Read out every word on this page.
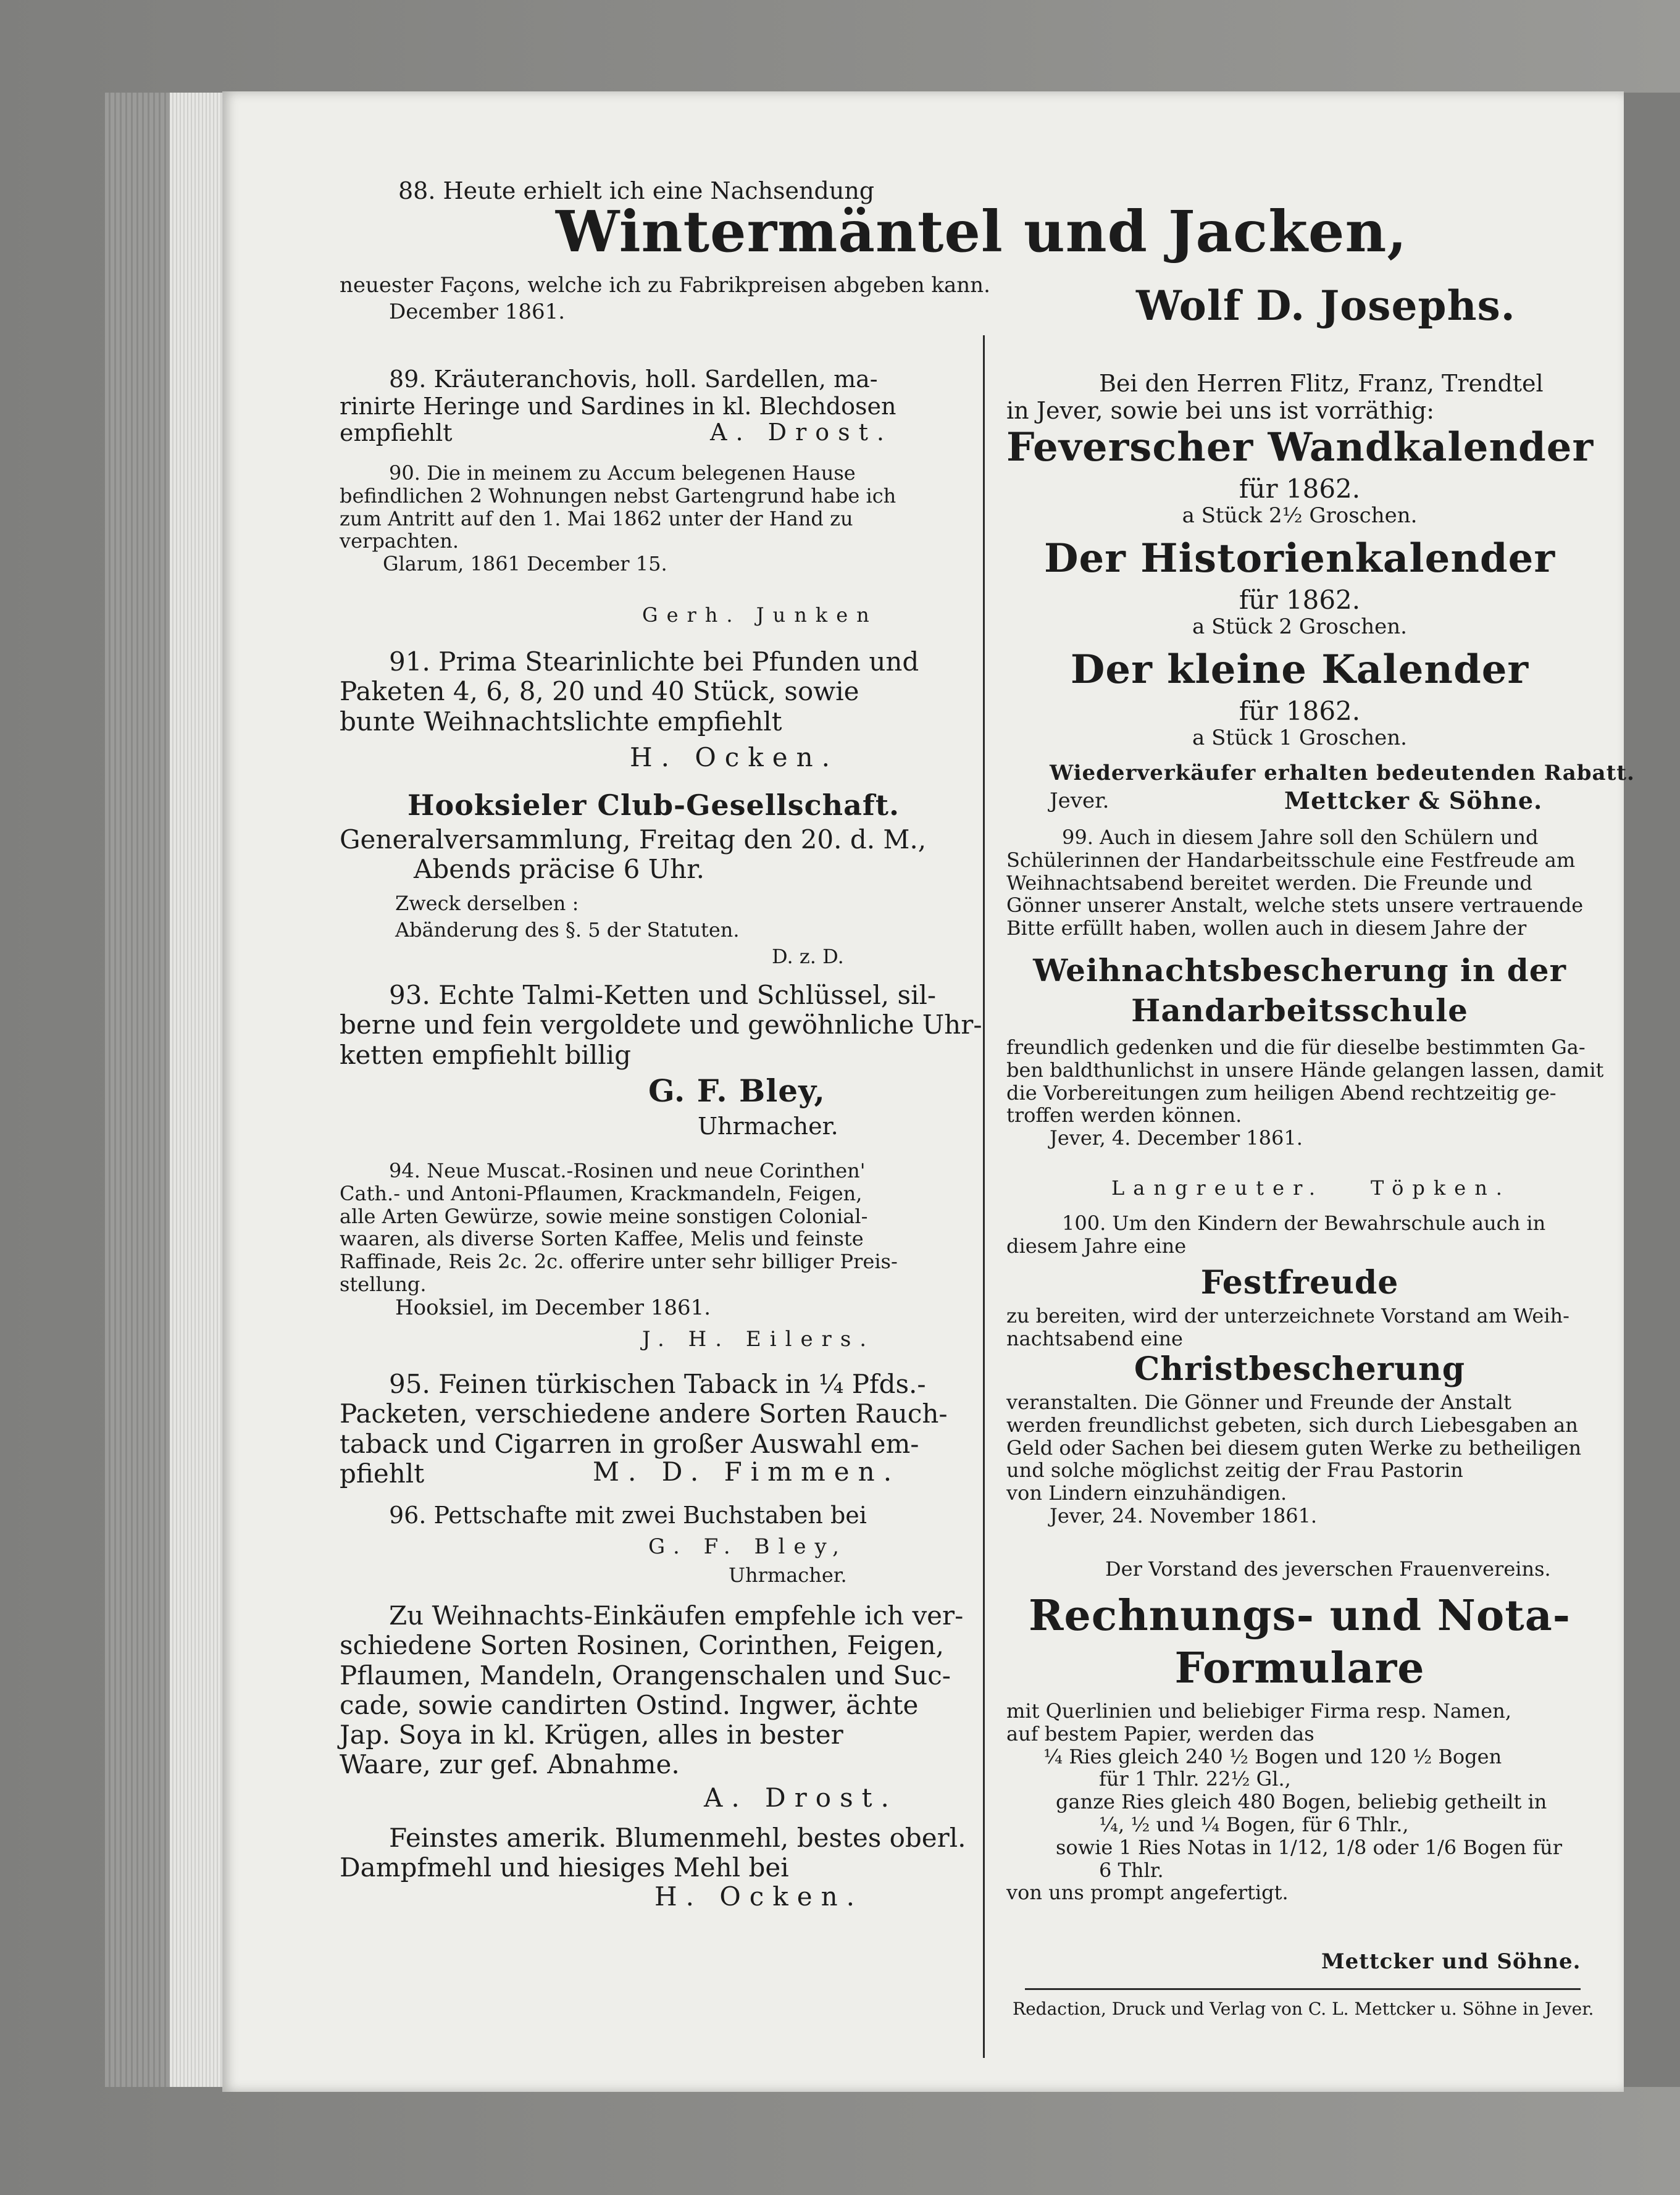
88. Heute erhielt ich eine Nachsendung
Wintermäntel und Jacken,
neuester Façons, welche ich zu Fabrikpreisen abgeben kann.
December 1861.	Wolf D. Josephs.
89. Kräuteranchovis, holl. Sardellen, ma-
rinirte Heringe und Sardines in kl. Blechdosen
empfiehlt	A. Drost.
90. Die in meinem zu Accum belegenen Hause
befindlichen 2 Wohnungen nebst Gartengrund habe ich
zum Antritt auf den 1. Mai 1862 unter der Hand zu
verpachten.
Glarum, 1861 December 15.
Gerh. Junken
91. Prima Stearinlichte bei Pfunden und
Paketen 4, 6, 8, 20 und 40 Stück, sowie
bunte Weihnachtslichte empfiehlt
H. Ocken.
Hooksieler Club-Gesellschaft.
Generalversammlung, Freitag den 20. d. M.,
Abends präcise 6 Uhr.
Zweck derselben :
Abänderung des §. 5 der Statuten.
D. z. D.
93. Echte Talmi-Ketten und Schlüssel, sil-
berne und fein vergoldete und gewöhnliche Uhr-
ketten empfiehlt billig
G. F. Bley,
Uhrmacher.
94. Neue Muscat.-Rosinen und neue Corinthen'
Cath.- und Antoni-Pflaumen, Krackmandeln, Feigen,
alle Arten Gewürze, sowie meine sonstigen Colonial-
waaren, als diverse Sorten Kaffee, Melis und feinste
Raffinade, Reis 2c. 2c. offerire unter sehr billiger Preis-
stellung.
Hooksiel, im December 1861.
J. H. Eilers.
95. Feinen türkischen Taback in ¼ Pfds.-
Packeten, verschiedene andere Sorten Rauch-
taback und Cigarren in großer Auswahl em-
pfiehlt	M. D. Fimmen.
96. Pettschafte mit zwei Buchstaben bei
G. F. Bley,
Uhrmacher.
Zu Weihnachts-Einkäufen empfehle ich ver-
schiedene Sorten Rosinen, Corinthen, Feigen,
Pflaumen, Mandeln, Orangenschalen und Suc-
cade, sowie candirten Ostind. Ingwer, ächte
Jap. Soya in kl. Krügen, alles in bester
Waare, zur gef. Abnahme.
A. Drost.
Feinstes amerik. Blumenmehl, bestes oberl.
Dampfmehl und hiesiges Mehl bei
H. Ocken.
Bei den Herren Flitz, Franz, Trendtel
in Jever, sowie bei uns ist vorräthig:
Feverscher Wandkalender
für 1862.
a Stück 2½ Groschen.
Der Historienkalender
für 1862.
a Stück 2 Groschen.
Der kleine Kalender
für 1862.
a Stück 1 Groschen.
Wiederverkäufer erhalten bedeutenden Rabatt.
Jever.	Mettcker & Söhne.
99. Auch in diesem Jahre soll den Schülern und
Schülerinnen der Handarbeitsschule eine Festfreude am
Weihnachtsabend bereitet werden. Die Freunde und
Gönner unserer Anstalt, welche stets unsere vertrauende
Bitte erfüllt haben, wollen auch in diesem Jahre der
Weihnachtsbescherung in der
Handarbeitsschule
freundlich gedenken und die für dieselbe bestimmten Ga-
ben baldthunlichst in unsere Hände gelangen lassen, damit
die Vorbereitungen zum heiligen Abend rechtzeitig ge-
troffen werden können.
Jever, 4. December 1861.
Langreuter. Töpken.
100. Um den Kindern der Bewahrschule auch in
diesem Jahre eine
Festfreude
zu bereiten, wird der unterzeichnete Vorstand am Weih-
nachtsabend eine
Christbescherung
veranstalten. Die Gönner und Freunde der Anstalt
werden freundlichst gebeten, sich durch Liebesgaben an
Geld oder Sachen bei diesem guten Werke zu betheiligen
und solche möglichst zeitig der Frau Pastorin
von Lindern einzuhändigen.
Jever, 24. November 1861.
Der Vorstand des jeverschen Frauenvereins.
Rechnungs- und Nota-
Formulare
mit Querlinien und beliebiger Firma resp. Namen,
auf bestem Papier, werden das
¼ Ries gleich 240 ½ Bogen und 120 ½ Bogen
für 1 Thlr. 22½ Gl.,
ganze Ries gleich 480 Bogen, beliebig getheilt in
¼, ½ und ¼ Bogen, für 6 Thlr.,
sowie 1 Ries Notas in 1/12, 1/8 oder 1/6 Bogen für
6 Thlr.
von uns prompt angefertigt.
Mettcker und Söhne.
Redaction, Druck und Verlag von C. L. Mettcker u. Söhne in Jever.
